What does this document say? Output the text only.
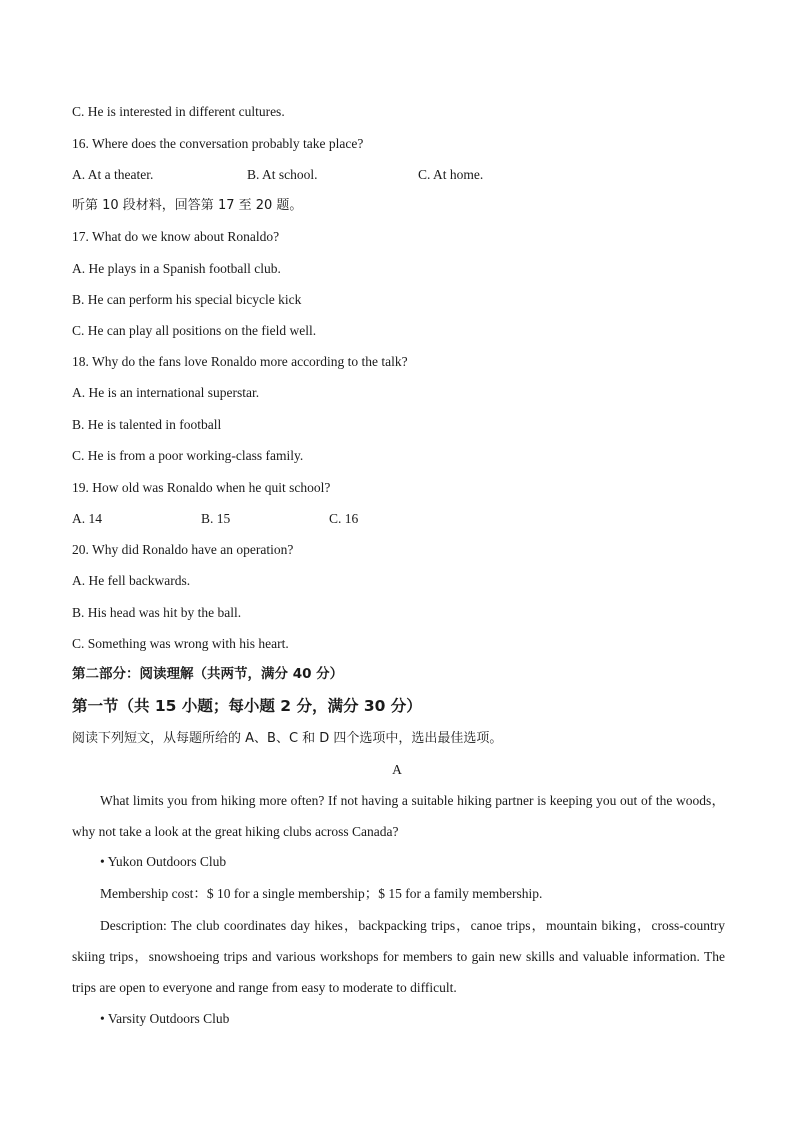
C. He is interested in different cultures.
16. Where does the conversation probably take place?
A. At a theater.	B. At school.	C. At home.
听第 10 段材料，回答第 17 至 20 题。
17. What do we know about Ronaldo?
A. He plays in a Spanish football club.
B. He can perform his special bicycle kick
C. He can play all positions on the field well.
18. Why do the fans love Ronaldo more according to the talk?
A. He is an international superstar.
B. He is talented in football
C. He is from a poor working-class family.
19. How old was Ronaldo when he quit school?
A. 14	B. 15	C. 16
20. Why did Ronaldo have an operation?
A. He fell backwards.
B. His head was hit by the ball.
C. Something was wrong with his heart.
第二部分：阅读理解（共两节，满分 40 分）
第一节（共 15 小题；每小题 2 分，满分 30 分）
阅读下列短文，从每题所给的 A、B、C 和 D 四个选项中，选出最佳选项。
A
What limits you from hiking more often? If not having a suitable hiking partner is keeping you out of the woods，why not take a look at the great hiking clubs across Canada?
• Yukon Outdoors Club
Membership cost：$ 10 for a single membership；$ 15 for a family membership.
Description: The club coordinates day hikes，backpacking trips，canoe trips，mountain biking，cross-country skiing trips，snowshoeing trips and various workshops for members to gain new skills and valuable information. The trips are open to everyone and range from easy to moderate to difficult.
• Varsity Outdoors Club
